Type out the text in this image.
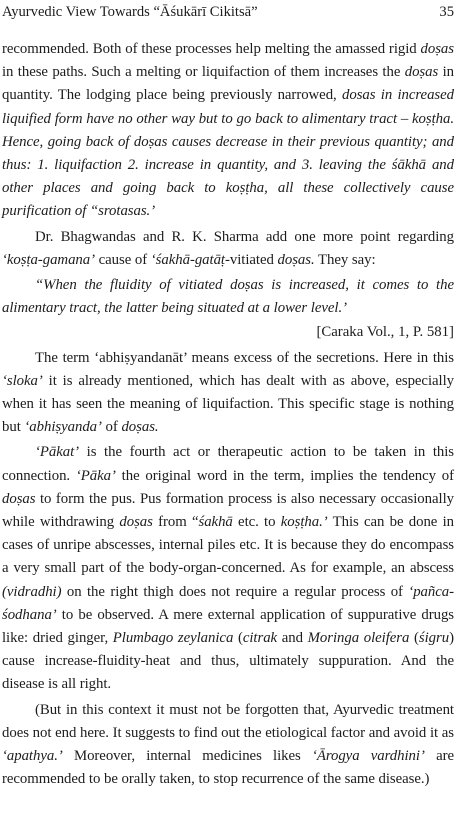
Ayurvedic View Towards “Āśukārī Cikitsā”	35

recommended. Both of these processes help melting the amassed rigid doṣas in these paths. Such a melting or liquifaction of them increases the doṣas in quantity. The lodging place being previously narrowed, dosas in increased liquified form have no other way but to go back to alimentary tract – koṣṭha. Hence, going back of doṣas causes decrease in their previous quantity; and thus: 1. liquifaction 2. increase in quantity, and 3. leaving the śākhā and other places and going back to koṣṭha, all these collectively cause purification of “srotasas.’

Dr. Bhagwandas and R. K. Sharma add one more point regarding ‘koṣṭa-gamana’ cause of ‘śakhā-gatāṭ-vitiated doṣas. They say:

“When the fluidity of vitiated doṣas is increased, it comes to the alimentary tract, the latter being situated at a lower level.’

[Caraka Vol., 1, P. 581]

The term ‘abhiṣyandanāt’ means excess of the secretions. Here in this ‘sloka’ it is already mentioned, which has dealt with as above, especially when it has seen the meaning of liquifaction. This specific stage is nothing but ‘abhiṣyanda’ of doṣas.

‘Pākat’ is the fourth act or therapeutic action to be taken in this connection. ‘Pāka’ the original word in the term, implies the tendency of doṣas to form the pus. Pus formation process is also necessary occasionally while withdrawing doṣas from “śakhā etc. to koṣṭha.’ This can be done in cases of unripe abscesses, internal piles etc. It is because they do encompass a very small part of the body-organ-concerned. As for example, an abscess (vidradhi) on the right thigh does not require a regular process of ‘pañca-śodhana’ to be observed. A mere external application of suppurative drugs like: dried ginger, Plumbago zeylanica (citrak and Moringa oleifera (śigru) cause increase-fluidity-heat and thus, ultimately suppuration. And the disease is all right.

(But in this context it must not be forgotten that, Ayurvedic treatment does not end here. It suggests to find out the etiological factor and avoid it as ‘apathya.’ Moreover, internal medicines likes ‘Ārogya vardhini’ are recommended to be orally taken, to stop recurrence of the same disease.)
